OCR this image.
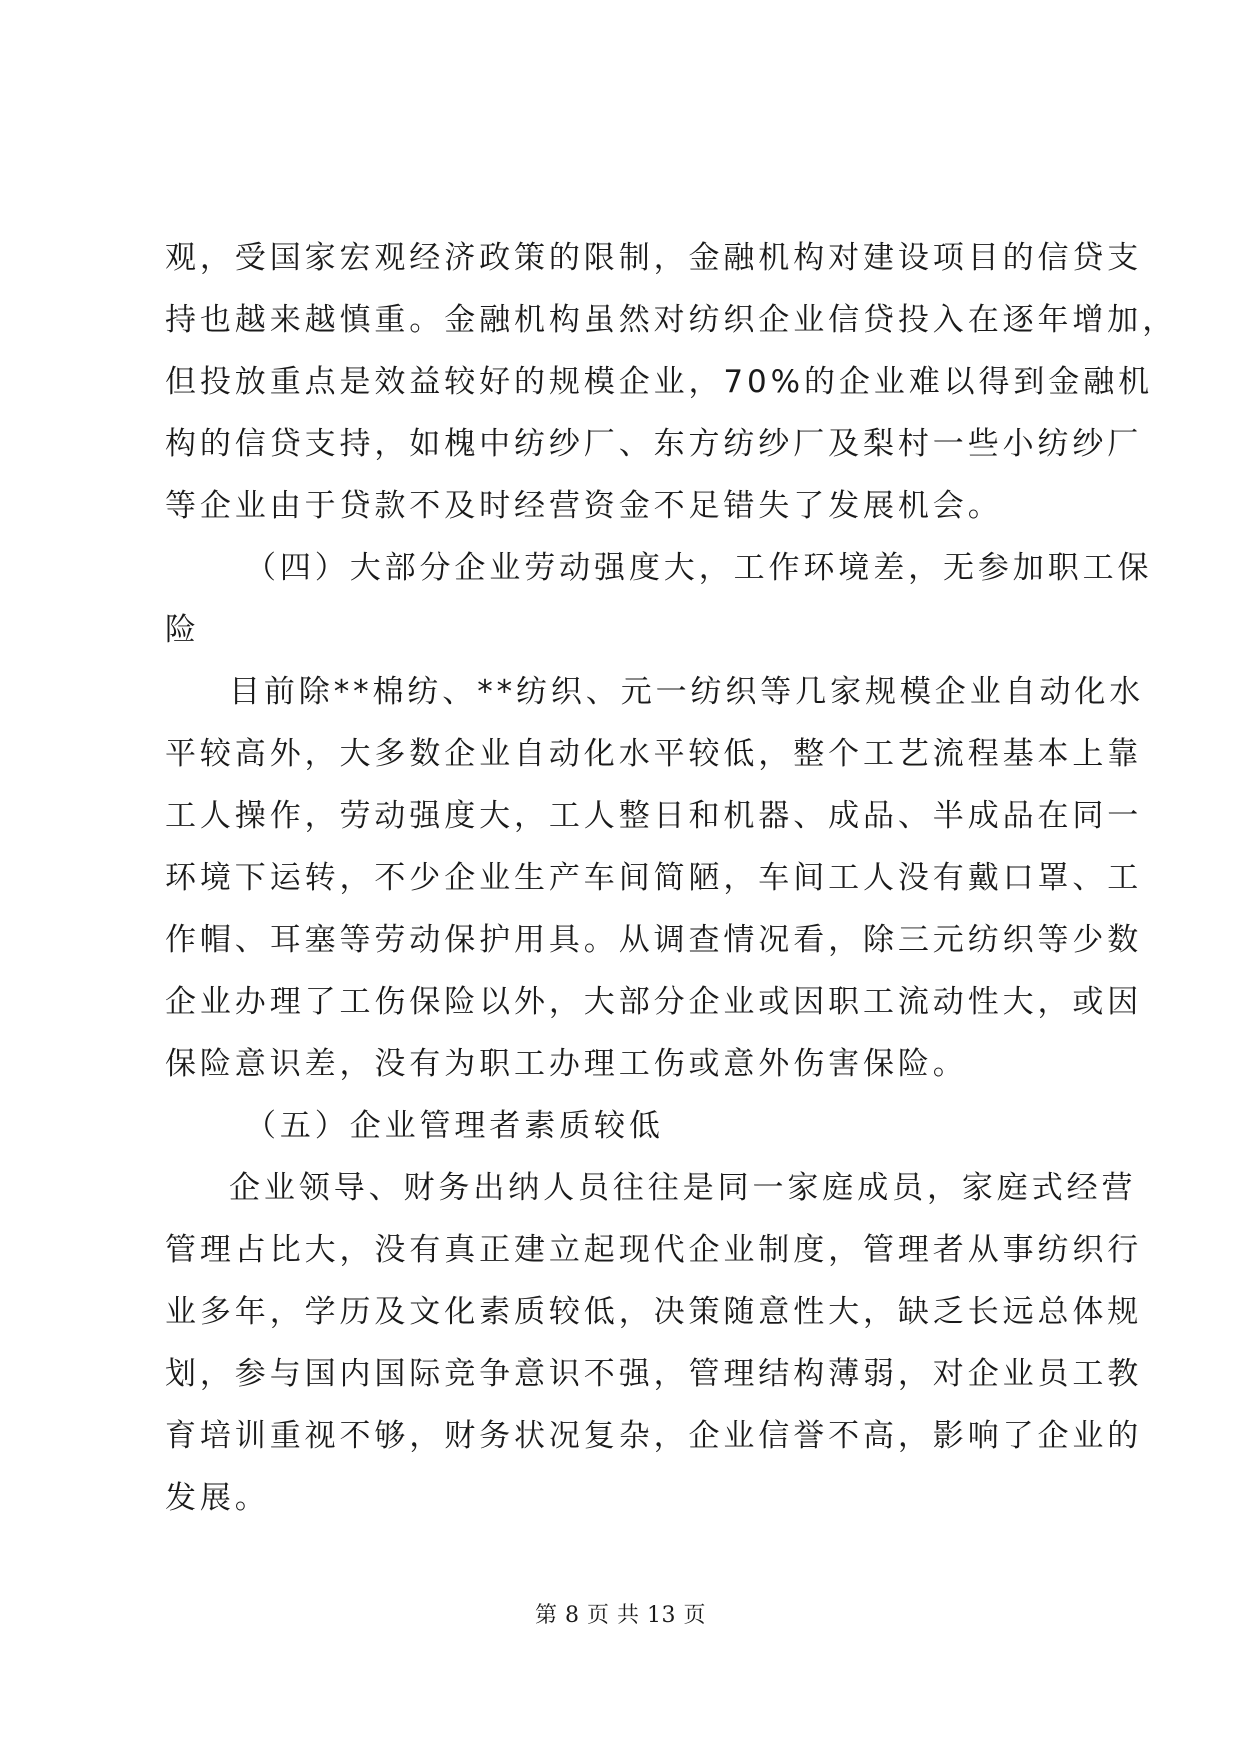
观，受国家宏观经济政策的限制，金融机构对建设项目的信贷支
持也越来越慎重。金融机构虽然对纺织企业信贷投入在逐年增加，
但投放重点是效益较好的规模企业，70%的企业难以得到金融机
构的信贷支持，如槐中纺纱厂、东方纺纱厂及梨村一些小纺纱厂
等企业由于贷款不及时经营资金不足错失了发展机会。
（四）大部分企业劳动强度大，工作环境差，无参加职工保
险
目前除**棉纺、**纺织、元一纺织等几家规模企业自动化水
平较高外，大多数企业自动化水平较低，整个工艺流程基本上靠
工人操作，劳动强度大，工人整日和机器、成品、半成品在同一
环境下运转，不少企业生产车间简陋，车间工人没有戴口罩、工
作帽、耳塞等劳动保护用具。从调查情况看，除三元纺织等少数
企业办理了工伤保险以外，大部分企业或因职工流动性大，或因
保险意识差，没有为职工办理工伤或意外伤害保险。
（五）企业管理者素质较低
企业领导、财务出纳人员往往是同一家庭成员，家庭式经营
管理占比大，没有真正建立起现代企业制度，管理者从事纺织行
业多年，学历及文化素质较低，决策随意性大，缺乏长远总体规
划，参与国内国际竞争意识不强，管理结构薄弱，对企业员工教
育培训重视不够，财务状况复杂，企业信誉不高，影响了企业的
发展。
第 8 页 共 13 页
